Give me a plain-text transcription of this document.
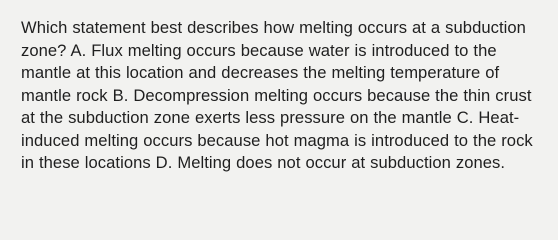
Which statement best describes how melting occurs at a subduction zone? A. Flux melting occurs because water is introduced to the mantle at this location and decreases the melting temperature of mantle rock B. Decompression melting occurs because the thin crust at the subduction zone exerts less pressure on the mantle C. Heat-induced melting occurs because hot magma is introduced to the rock in these locations D. Melting does not occur at subduction zones.
